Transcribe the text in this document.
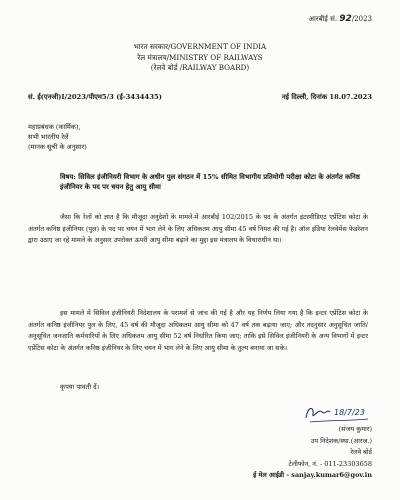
आरबीई सं. 92/2023
भारत सरकार/GOVERNMENT OF INDIA
रेल मंत्रालय/MINISTRY OF RAILWAYS
(रेलवे बोर्ड /RAILWAY BOARD)
सं. ई(एनजी)I/2023/पीएम5/3 (ई-3434435)	नई दिल्ली, दिनांक 18.07.2023
महाप्रबंधक (कार्मिक),
सभी भारतीय रेलें
(मानक सूची के अनुसार)
विषय: सिविल इंजीनियरी विभाग के अधीन पुल संगठन में 15% सीमित विभागीय प्रतियोगी परीक्षा कोटा के अंतर्गत कनिष्ठ इंजीनियर के पद पर चयन हेतु आयु सीमा
जैसा कि रेलों को ज्ञात है कि मौजूदा अनुदेशों के मामले-में आरबीई 102/2015 के पद के अंतर्गत इंटरमीडिएट एप्रेंटिस कोटा के अंतर्गत कनिष्ठ इंजीनियर (पुल) के पद पर चयन में भाग लेने के लिए अधिकतम आयु सीमा 45 वर्ष नियत की गई है। ऑल इंडिया रेलवेमेंस फेडरेशन द्वारा उठाए जा रहे मामले के अनुसार उपरोक्त ऊपरी आयु सीमा बढ़ाने का मुद्दा इस मंत्रालय के विचाराधीन था।
इस मामले में सिविल इंजीनियरी निदेशालय के परामर्श से जांच की गई है और यह निर्णय लिया गया है कि इन्टर एप्रेंटिस कोटा के अंतर्गत कनिष्ठ इंजीनियर पुल के लिए, 45 वर्ष की मौजूदा अधिकतम आयु सीमा को 47 वर्ष तक बढ़ाया जाए; और तदनुसार अनुसूचित जाति/अनुसूचित जनजाति कर्मचारियों के लिए अधिकतम आयु सीमा 52 वर्ष निर्धारित किया जाए; ताकि इसे सिविल इंजीनियरी के अन्य विभागों में इन्टर एप्रेंटिस कोटा के अंतर्गत कनिष्ठ इंजीनियर के लिए चयन में भाग लेने के लिए आयु सीमा के तुल्य बनाया जा सके।
कृपया पावती दें।
18/7/23
(संजय कुमार)
उप निदेशक/स्था.(आरज.)
रेलवे बोर्ड
टेलीफोन, नं. - 011-23303658
ई मेल आईडी - sanjay.kumar6@gov.in
